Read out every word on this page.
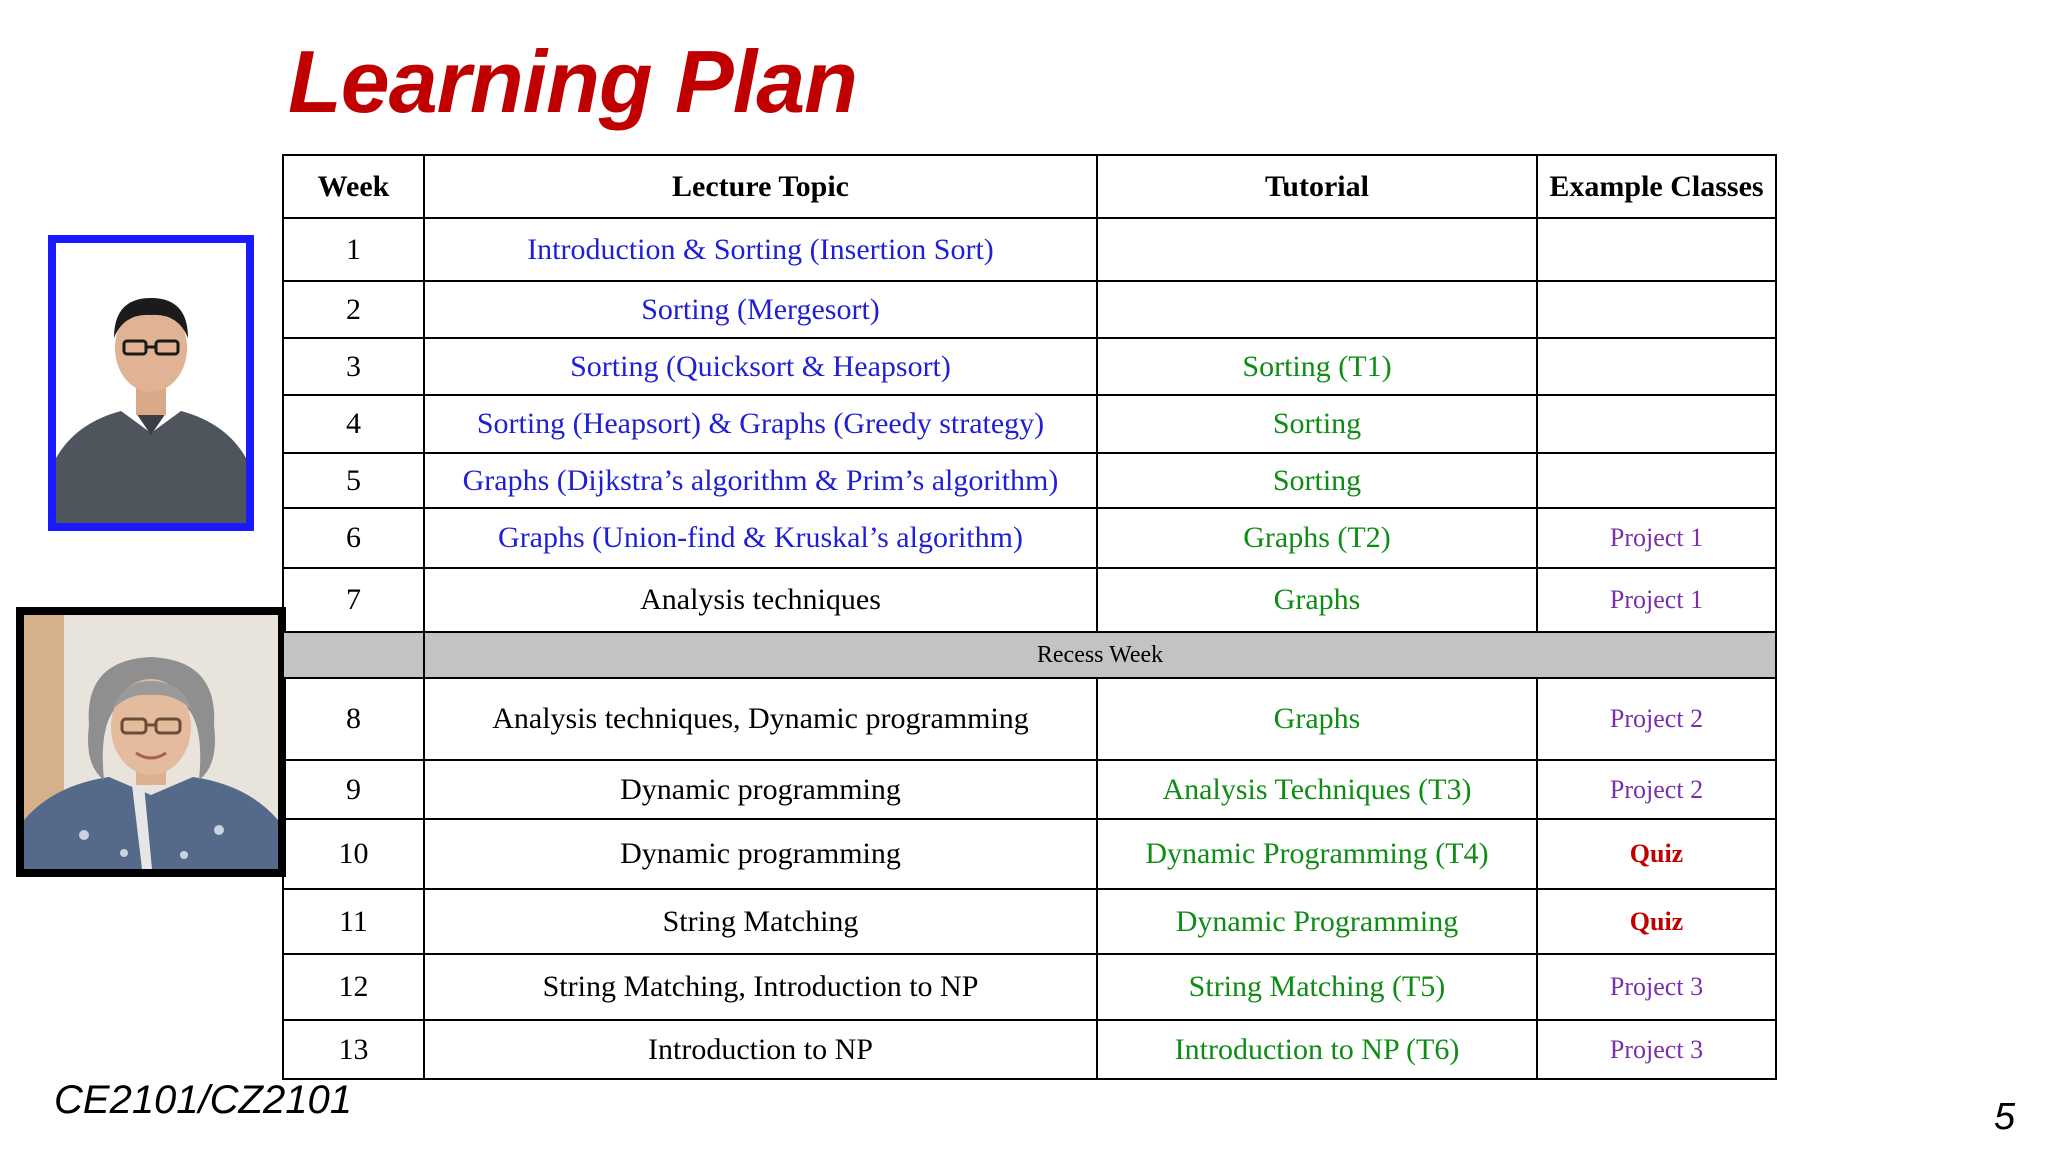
Learning Plan
Week	Lecture Topic	Tutorial	Example Classes
1	Introduction & Sorting (Insertion Sort)		
2	Sorting (Mergesort)		
3	Sorting (Quicksort & Heapsort)	Sorting (T1)	
4	Sorting (Heapsort) & Graphs (Greedy strategy)	Sorting	
5	Graphs (Dijkstra’s algorithm & Prim’s algorithm)	Sorting	
6	Graphs (Union-find & Kruskal’s algorithm)	Graphs (T2)	Project 1
7	Analysis techniques	Graphs	Project 1
	Recess Week		
8	Analysis techniques, Dynamic programming	Graphs	Project 2
9	Dynamic programming	Analysis Techniques (T3)	Project 2
10	Dynamic programming	Dynamic Programming (T4)	Quiz
11	String Matching	Dynamic Programming	Quiz
12	String Matching, Introduction to NP	String Matching (T5)	Project 3
13	Introduction to NP	Introduction to NP (T6)	Project 3
CE2101/CZ2101	5
